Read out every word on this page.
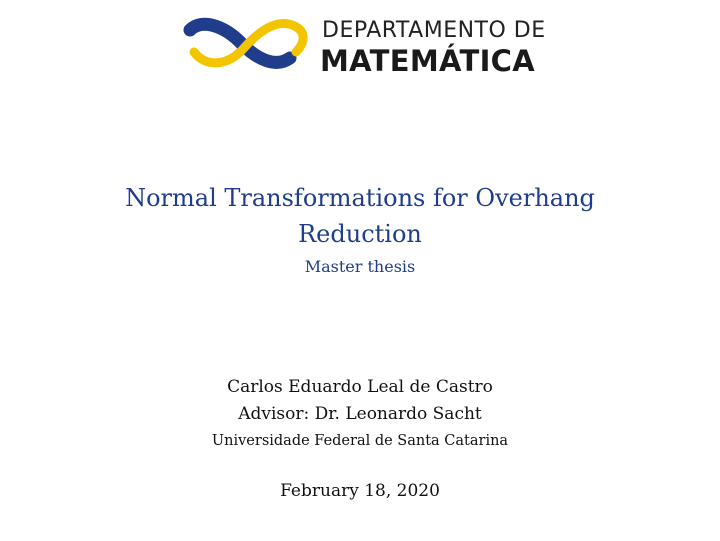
DEPARTAMENTO DE
MATEMÁTICA
Normal Transformations for Overhang
Reduction
Master thesis
Carlos Eduardo Leal de Castro
Advisor: Dr. Leonardo Sacht
Universidade Federal de Santa Catarina
February 18, 2020
